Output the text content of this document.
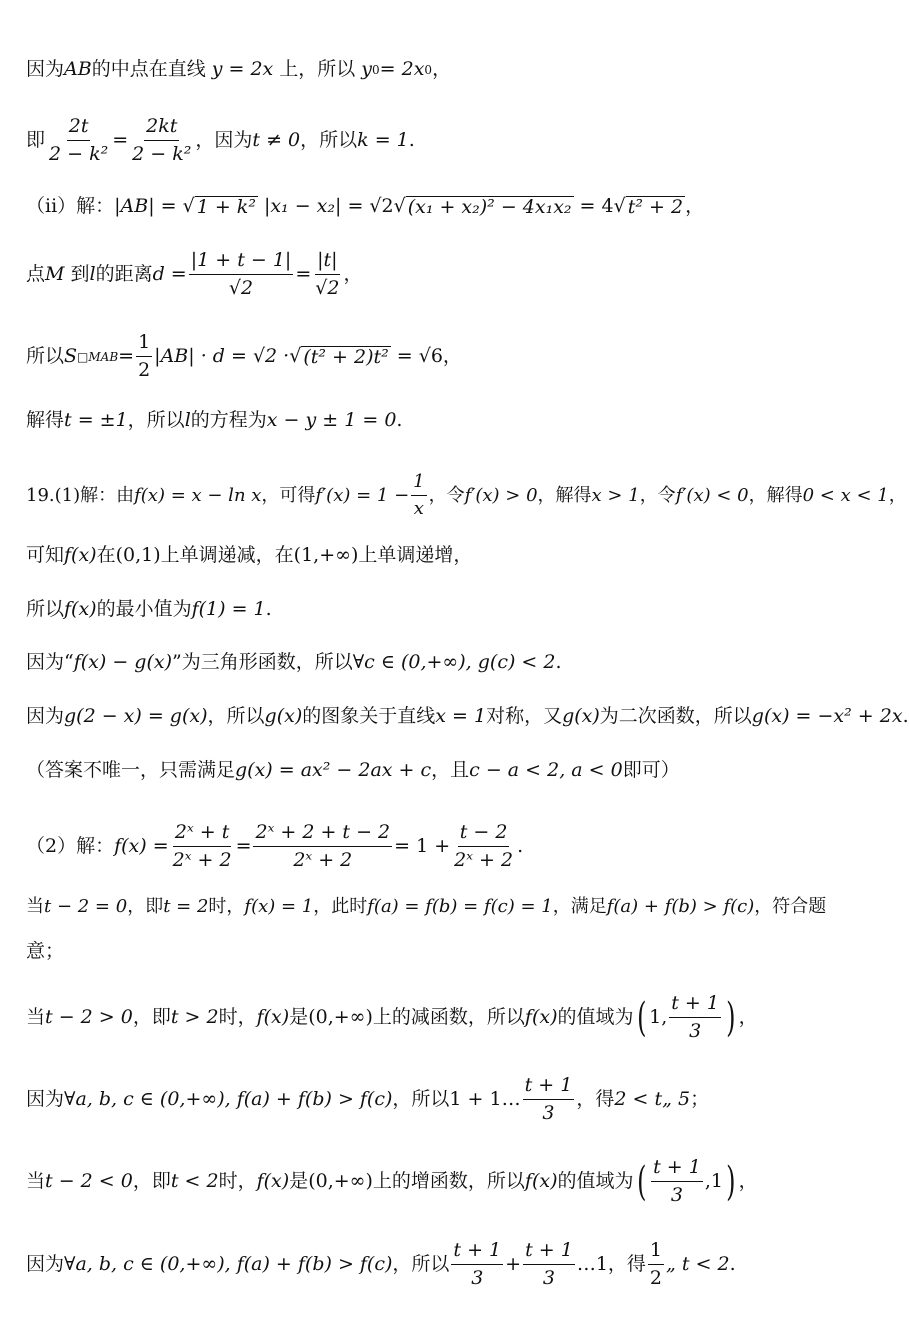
因为 AB 的中点在直线 y = 2x 上，所以 y 0 = 2x 0 ，
即 $\frac{2t}{\text{2 − k²}} = \frac{2kt}{\text{2 − k²}}$ ，因为 t ≠ 0 ，所以 k = 1 .
（ii）解： |AB| = √ 1 + k² |x₁ − x₂| = √2 √ (x₁ + x₂)² − 4x₁x₂ = 4 √ t² + 2 ，
点 M 到 l 的距离 $d = \frac{|1 + t - 1|}{√2} = \frac{|t|}{√2}$ ，
所以 S □MAB = $\frac{1}{2} |AB| \cdot d = √2$ · √ (t² + 2)t² = √6 ，
解得 t = ±1 ，所以 l 的方程为 x − y ± 1 = 0 .
19.(1)解：由 f(x) = x − ln x ，可得 $f'(x) = 1 - \frac{1}{x}$ ，令 f′(x) > 0 ，解得 x > 1 ，令 f′(x) < 0 ，解得 0 < x < 1 ，
可知 f(x) 在 (0,1) 上单调递减，在 (1,+∞) 上单调递增，
所以 f(x) 的最小值为 f(1) = 1 .
因为“ f(x) − g(x) ”为三角形函数，所以 ∀c ∈ (0,+∞), g(c) < 2 .
因为 g(2 − x) = g(x) ，所以 g(x) 的图象关于直线 x = 1 对称，又 g(x) 为二次函数，所以 g(x) = −x² + 2x .
（答案不唯一，只需满足 g(x) = ax² − 2ax + c ，且 c − a < 2, a < 0 即可）
（2）解： $f(x) = \frac{\text{2ˣ + t}}{\text{2ˣ + 2}} = \frac{\text{2ˣ + 2 + t − 2}}{\text{2ˣ + 2}} = 1 + \frac{t - 2}{\text{2ˣ + 2}}$ .
当 t − 2 = 0 ，即 t = 2 时， f(x) = 1 ，此时 f(a) = f(b) = f(c) = 1 ，满足 f(a) + f(b) > f(c) ，符合题
意；
当 t − 2 > 0 ，即 t > 2 时， f(x) 是 (0,+∞) 上的减函数，所以 f(x) 的值域为 ( 1, $\frac{t + 1}{3}$ ) ，
因为 ∀a, b, c ∈ (0,+∞), f(a) + f(b) > f(c) ，所以 1 + 1… $\frac{t + 1}{3}$ ，得 2 < t„ 5 ；
当 t − 2 < 0 ，即 t < 2 时， f(x) 是 (0,+∞) 上的增函数，所以 f(x) 的值域为 ( $\frac{t + 1}{3} ,1$ ) ，
因为 ∀a, b, c ∈ (0,+∞), f(a) + f(b) > f(c) ，所以 $\frac{t + 1}{3} + \frac{t + 1}{3}$ …1 ，得 $\frac{1}{2}$ „ t < 2 .
